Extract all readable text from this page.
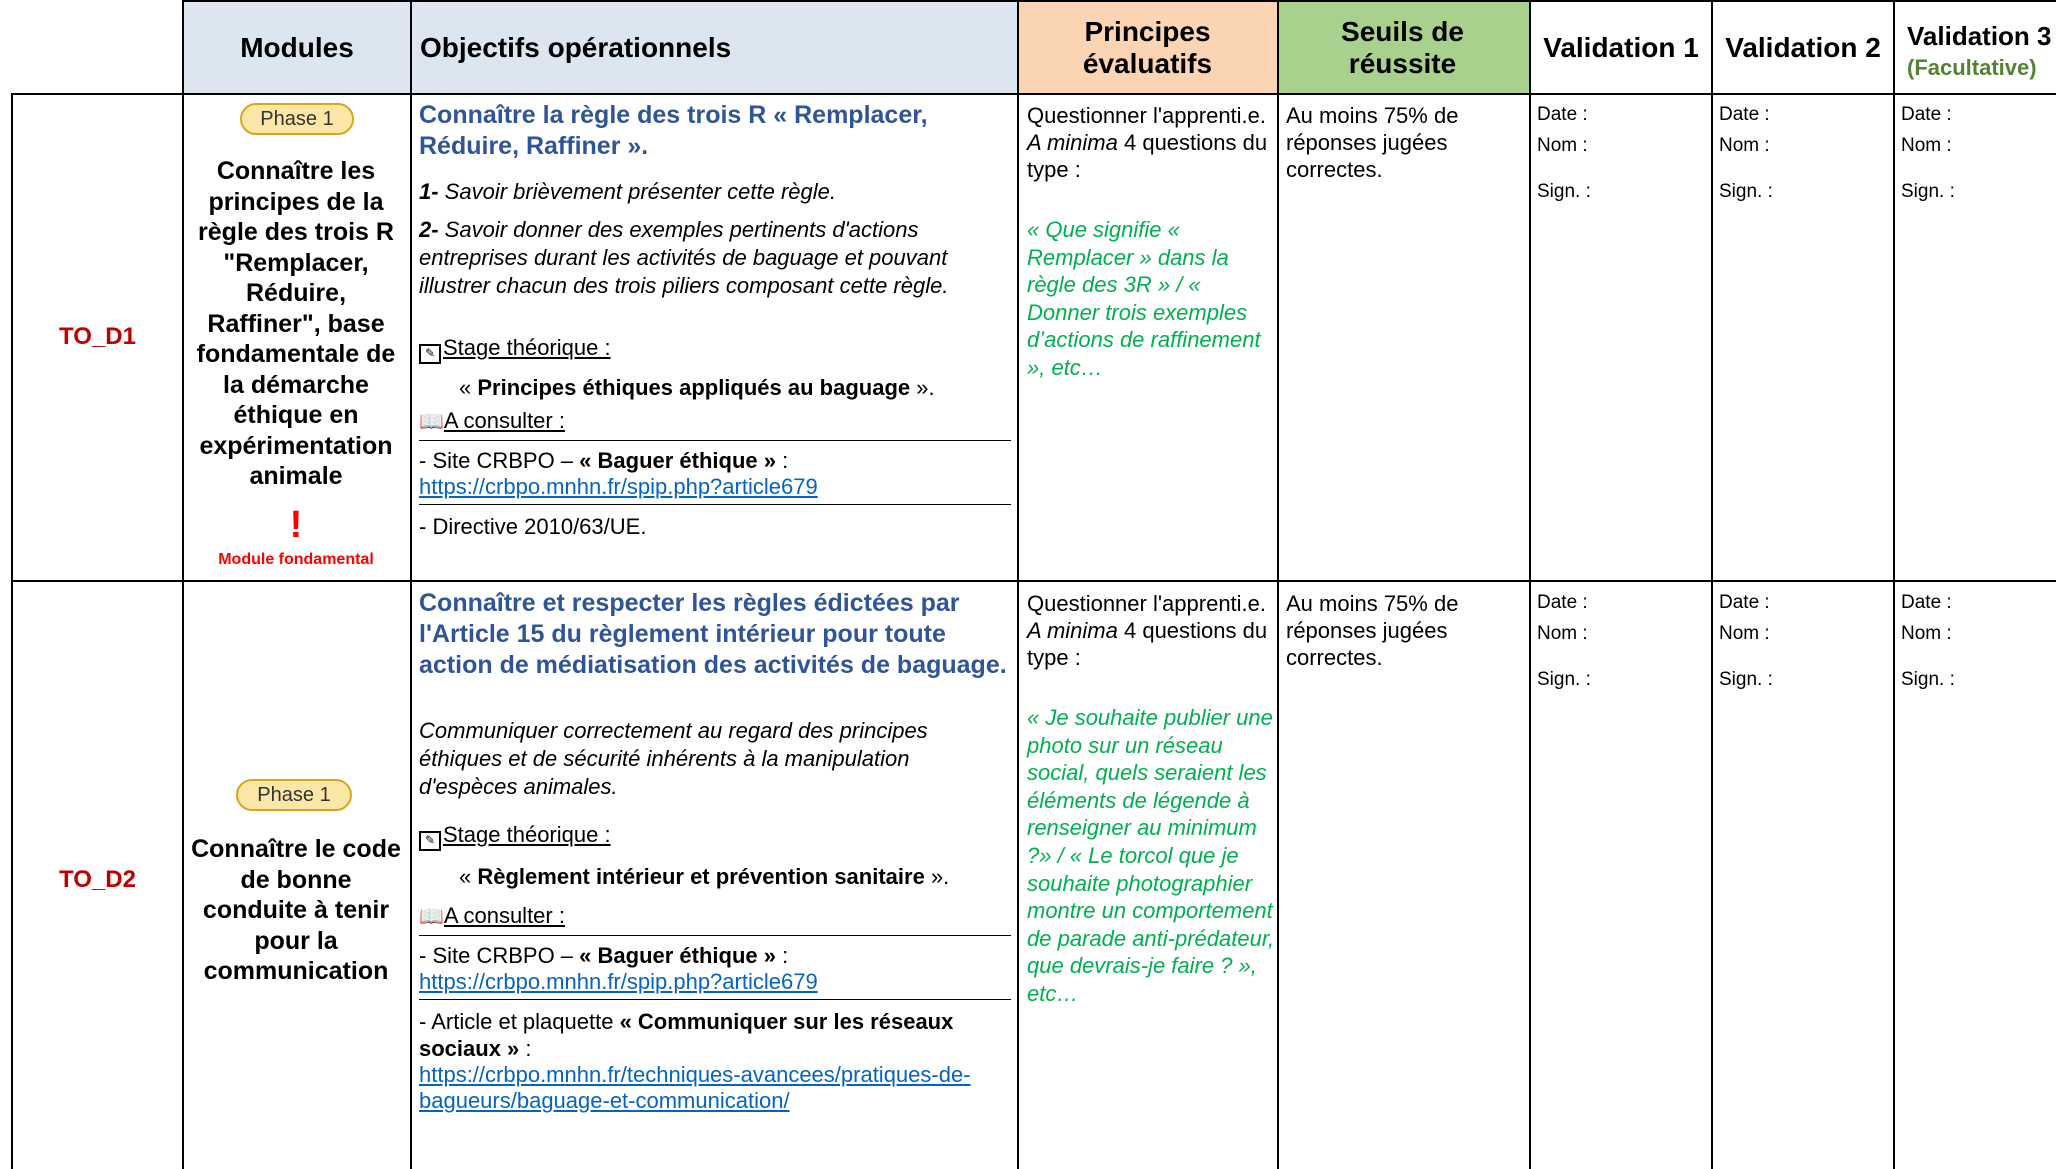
Modules	Objectifs opérationnels
Principes évaluatifs
Seuils de réussite
Validation 1 Validation 2	Validation 3
(Facultative)
TO_D1
Phase 1
Connaître les principes de la règle des trois R "Remplacer, Réduire, Raffiner", base fondamentale de la démarche éthique en expérimentation animale
!
Module fondamental

Connaître la règle des trois R « Remplacer, Réduire, Raffiner ».

1- Savoir brièvement présenter cette règle.
2- Savoir donner des exemples pertinents d'actions entreprises durant les activités de baguage et pouvant illustrer chacun des trois piliers composant cette règle.
✎ Stage théorique :
« Principes éthiques appliqués au baguage ».
📖A consulter :
- Site CRBPO – « Baguer éthique » :
https://crbpo.mnhn.fr/spip.php?article679
- Directive 2010/63/UE.
Questionner l'apprenti.e. A minima 4 questions du type :
« Que signifie « Remplacer » dans la règle des 3R » / « Donner trois exemples d’actions de raffinement », etc…
Au moins 75% de réponses jugées correctes.
Date :
Nom :
Sign. :
Date :
Nom :
Sign. :
Date :
Nom :
Sign. :
TO_D2
Phase 1
Connaître le code de bonne conduite à tenir pour la communication

Connaître et respecter les règles édictées par l'Article 15 du règlement intérieur pour toute action de médiatisation des activités de baguage.

Communiquer correctement au regard des principes éthiques et de sécurité inhérents à la manipulation d'espèces animales.
✎ Stage théorique :
« Règlement intérieur et prévention sanitaire ».
📖A consulter :
- Site CRBPO – « Baguer éthique » :
https://crbpo.mnhn.fr/spip.php?article679
- Article et plaquette « Communiquer sur les réseaux sociaux » :
https://crbpo.mnhn.fr/techniques-avancees/pratiques-de-bagueurs/baguage-et-communication/
Questionner l'apprenti.e. A minima 4 questions du type :
« Je souhaite publier une photo sur un réseau social, quels seraient les éléments de légende à renseigner au minimum ?» / « Le torcol que je souhaite photographier montre un comportement de parade anti-prédateur, que devrais-je faire ? », etc…
Au moins 75% de réponses jugées correctes.
Date :
Nom :
Sign. :
Date :
Nom :
Sign. :
Date :
Nom :
Sign. :
